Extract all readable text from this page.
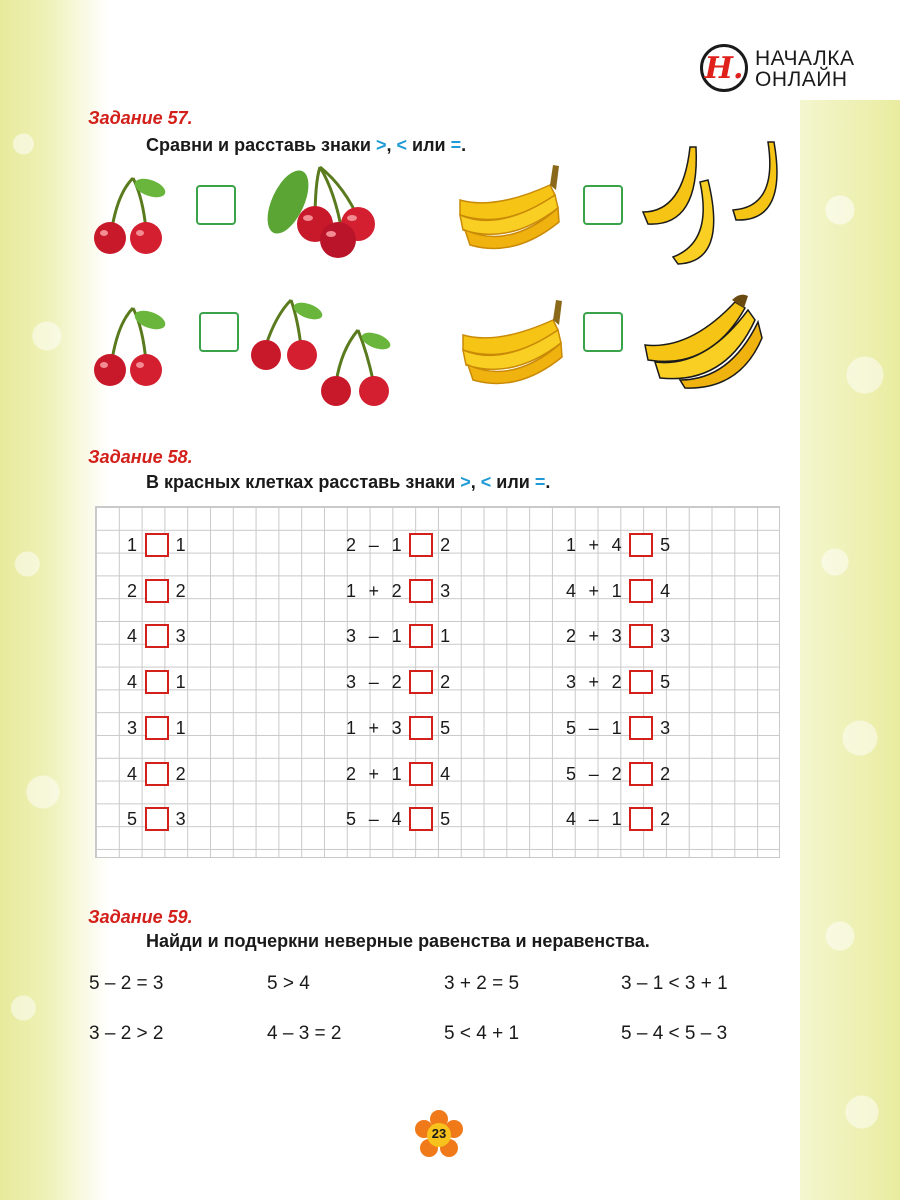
Н. НАЧАЛКА
ОНЛАЙН
Задание 57.
Сравни и расставь знаки >, < или =.
Задание 58.
В красных клетках расставь знаки >, < или =.
1	1
2	2
4	3
4	1
3	1
4	2
5	3
2 – 1	2
1 + 2	3
3 – 1	1
3 – 2	2
1 + 3	5
2 + 1	4
5 – 4	5
1 + 4	5
4 + 1	4
2 + 3	3
3 + 2	5
5 – 1	3
5 – 2	2
4 – 1	2
Задание 59.
Найди и подчеркни неверные равенства и неравенства.
5 – 2 = 3	5 > 4	3 + 2 = 5	3 – 1 < 3 + 1
3 – 2 > 2	4 – 3 = 2	5 < 4 + 1	5 – 4 < 5 – 3
23
